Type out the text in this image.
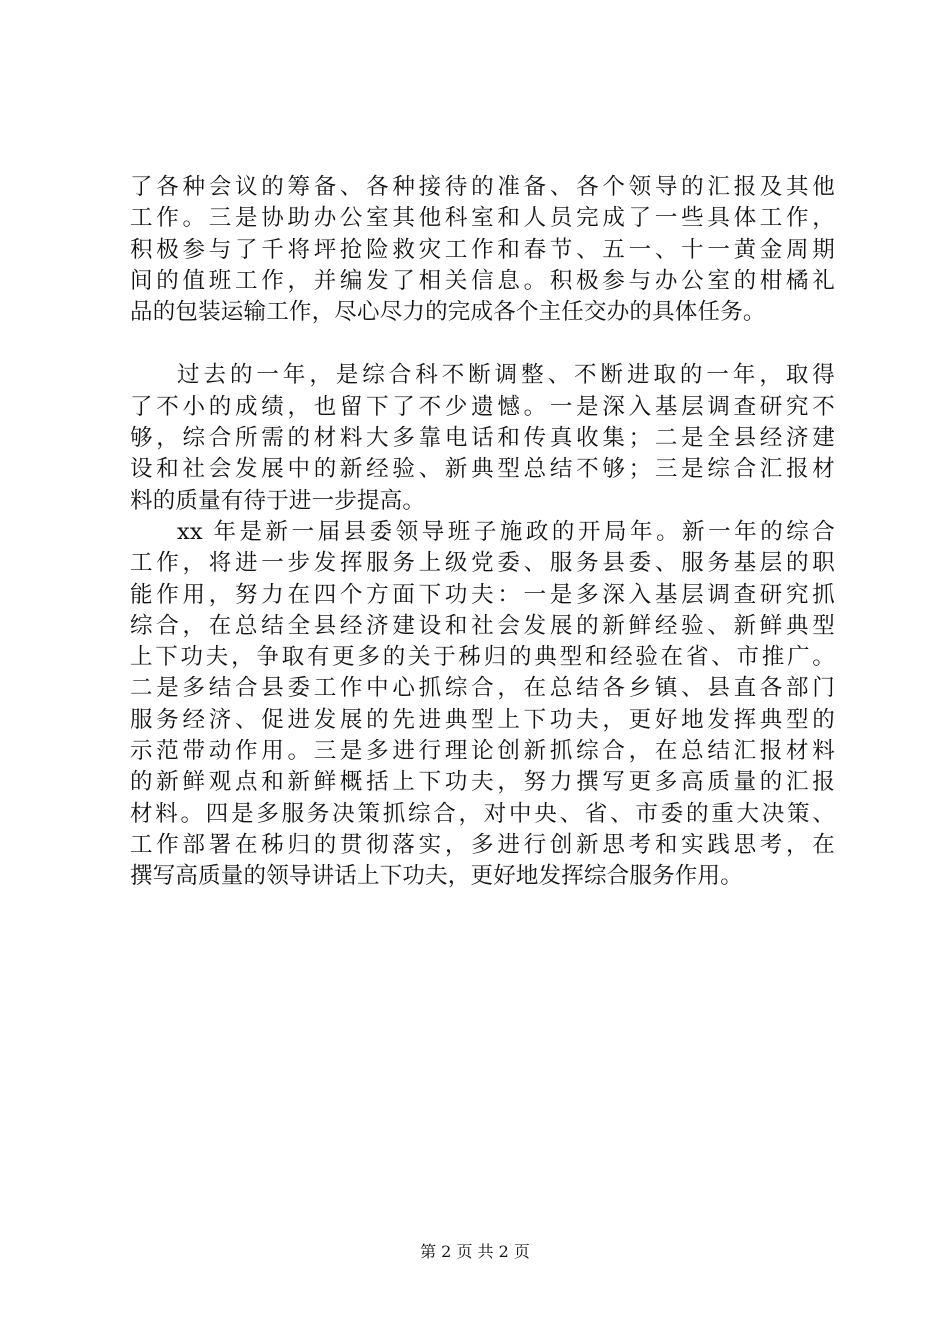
了各种会议的筹备、各种接待的准备、各个领导的汇报及其他
工作。三是协助办公室其他科室和人员完成了一些具体工作，
积极参与了千将坪抢险救灾工作和春节、五一、十一黄金周期
间的值班工作，并编发了相关信息。积极参与办公室的柑橘礼
品的包装运输工作，尽心尽力的完成各个主任交办的具体任务。
过去的一年，是综合科不断调整、不断进取的一年，取得
了不小的成绩，也留下了不少遗憾。一是深入基层调查研究不
够，综合所需的材料大多靠电话和传真收集；二是全县经济建
设和社会发展中的新经验、新典型总结不够；三是综合汇报材
料的质量有待于进一步提高。
xx 年是新一届县委领导班子施政的开局年。新一年的综合
工作，将进一步发挥服务上级党委、服务县委、服务基层的职
能作用，努力在四个方面下功夫：一是多深入基层调查研究抓
综合，在总结全县经济建设和社会发展的新鲜经验、新鲜典型
上下功夫，争取有更多的关于秭归的典型和经验在省、市推广。
二是多结合县委工作中心抓综合，在总结各乡镇、县直各部门
服务经济、促进发展的先进典型上下功夫，更好地发挥典型的
示范带动作用。三是多进行理论创新抓综合，在总结汇报材料
的新鲜观点和新鲜概括上下功夫，努力撰写更多高质量的汇报
材料。四是多服务决策抓综合，对中央、省、市委的重大决策、
工作部署在秭归的贯彻落实，多进行创新思考和实践思考，在
撰写高质量的领导讲话上下功夫，更好地发挥综合服务作用。
第 2 页 共 2 页
